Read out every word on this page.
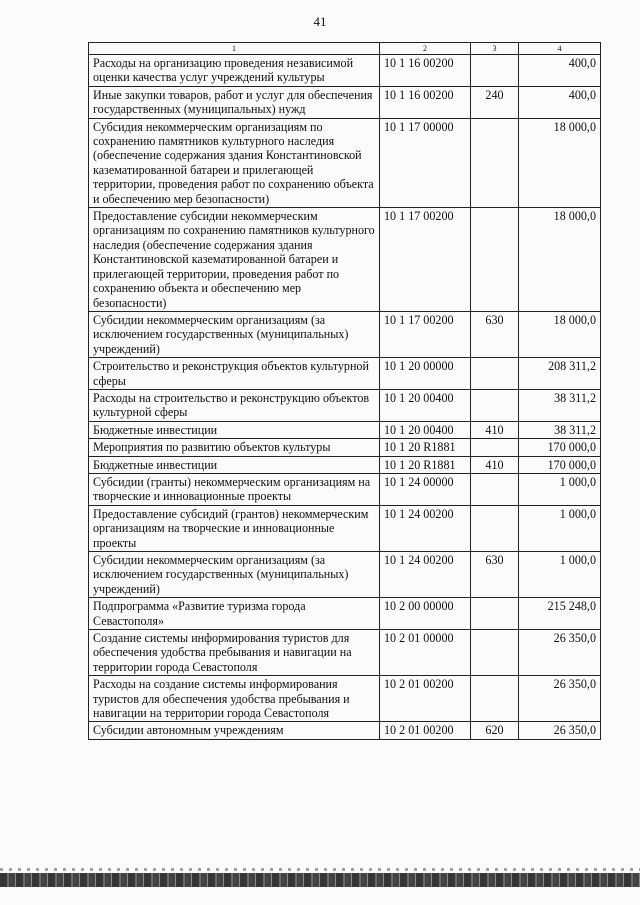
41
1	2	3	4
Расходы на организацию проведения независимой оценки качества услуг учреждений культуры	10 1 16 00200		400,0
Иные закупки товаров, работ и услуг для обеспечения государственных (муниципальных) нужд	10 1 16 00200	240	400,0
Субсидия некоммерческим организациям по сохранению памятников культурного наследия (обеспечение содержания здания Константиновской казематированной батареи и прилегающей территории, проведения работ по сохранению объекта и обеспечению мер безопасности)	10 1 17 00000		18 000,0
Предоставление субсидии некоммерческим организациям по сохранению памятников культурного наследия (обеспечение содержания здания Константиновской казематированной батареи и прилегающей территории, проведения работ по сохранению объекта и обеспечению мер безопасности)	10 1 17 00200		18 000,0
Субсидии некоммерческим организациям (за исключением государственных (муниципальных) учреждений)	10 1 17 00200	630	18 000,0
Строительство и реконструкция объектов культурной сферы	10 1 20 00000		208 311,2
Расходы на строительство и реконструкцию объектов культурной сферы	10 1 20 00400		38 311,2
Бюджетные инвестиции	10 1 20 00400	410	38 311,2
Мероприятия по развитию объектов культуры	10 1 20 R1881		170 000,0
Бюджетные инвестиции	10 1 20 R1881	410	170 000,0
Субсидии (гранты) некоммерческим организациям на творческие и инновационные проекты	10 1 24 00000		1 000,0
Предоставление субсидий (грантов) некоммерческим организациям на творческие и инновационные проекты	10 1 24 00200		1 000,0
Субсидии некоммерческим организациям (за исключением государственных (муниципальных) учреждений)	10 1 24 00200	630	1 000,0
Подпрограмма «Развитие туризма города Севастополя»	10 2 00 00000		215 248,0
Создание системы информирования туристов для обеспечения удобства пребывания и навигации на территории города Севастополя	10 2 01 00000		26 350,0
Расходы на создание системы информирования туристов для обеспечения удобства пребывания и навигации на территории города Севастополя	10 2 01 00200		26 350,0
Субсидии автономным учреждениям	10 2 01 00200	620	26 350,0
